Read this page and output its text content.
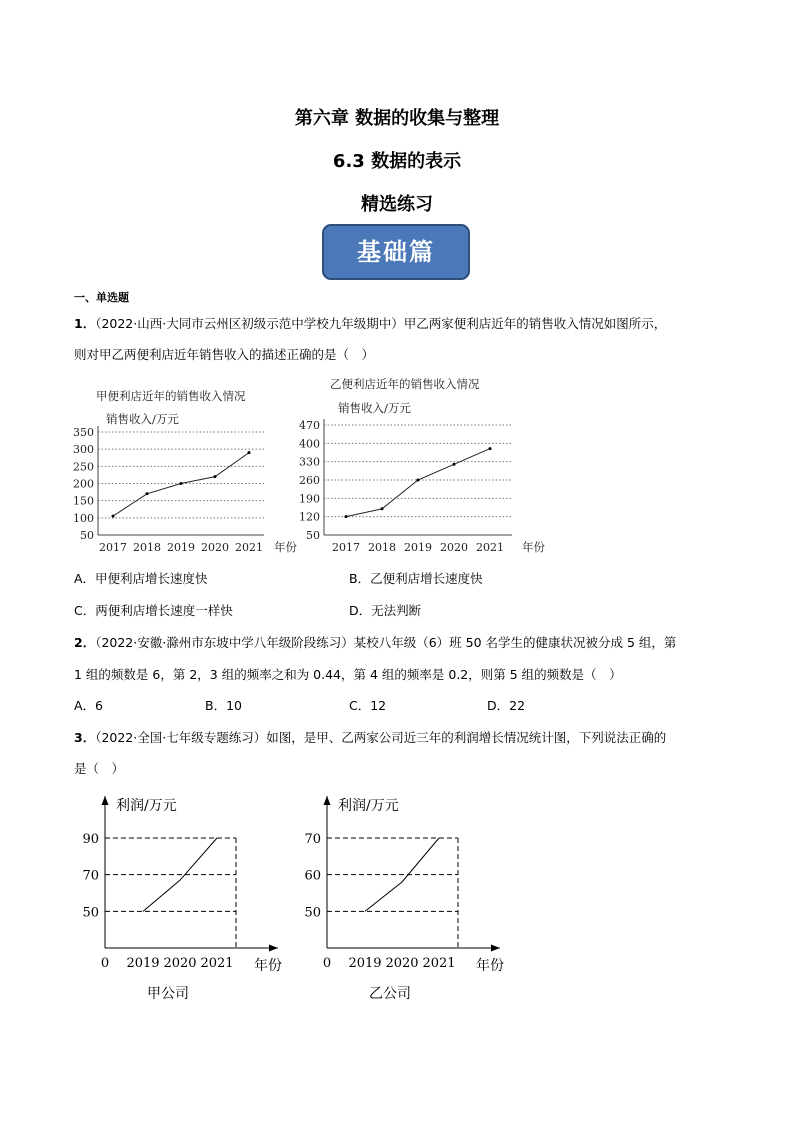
第六章 数据的收集与整理
6.3 数据的表示
精选练习
基础篇
一、单选题
1．（2022·山西·大同市云州区初级示范中学校九年级期中）甲乙两家便利店近年的销售收入情况如图所示，
则对甲乙两便利店近年销售收入的描述正确的是（　）
甲便利店近年的销售收入情况
销售收入/万元
50
100
150
200
250
300
350
2017 2018 2019 2020 2021 年份
乙便利店近年的销售收入情况
销售收入/万元
50
120
190
260
330
400
470
2017 2018 2019 2020 2021 年份
A．甲便利店增长速度快	B．乙便利店增长速度快
C．两便利店增长速度一样快	D．无法判断
2．（2022·安徽·滁州市东坡中学八年级阶段练习）某校八年级（6）班 50 名学生的健康状况被分成 5 组，第
1 组的频数是 6，第 2，3 组的频率之和为 0.44，第 4 组的频率是 0.2，则第 5 组的频数是（　）
A．6	B．10	C．12	D．22
3．（2022·全国·七年级专题练习）如图，是甲、乙两家公司近三年的利润增长情况统计图，下列说法正确的
是（　）
利润/万元
0
50
70
90
2019 2020 2021 年份
甲公司
利润/万元
0
50
60
70
2019 2020 2021 年份
乙公司
